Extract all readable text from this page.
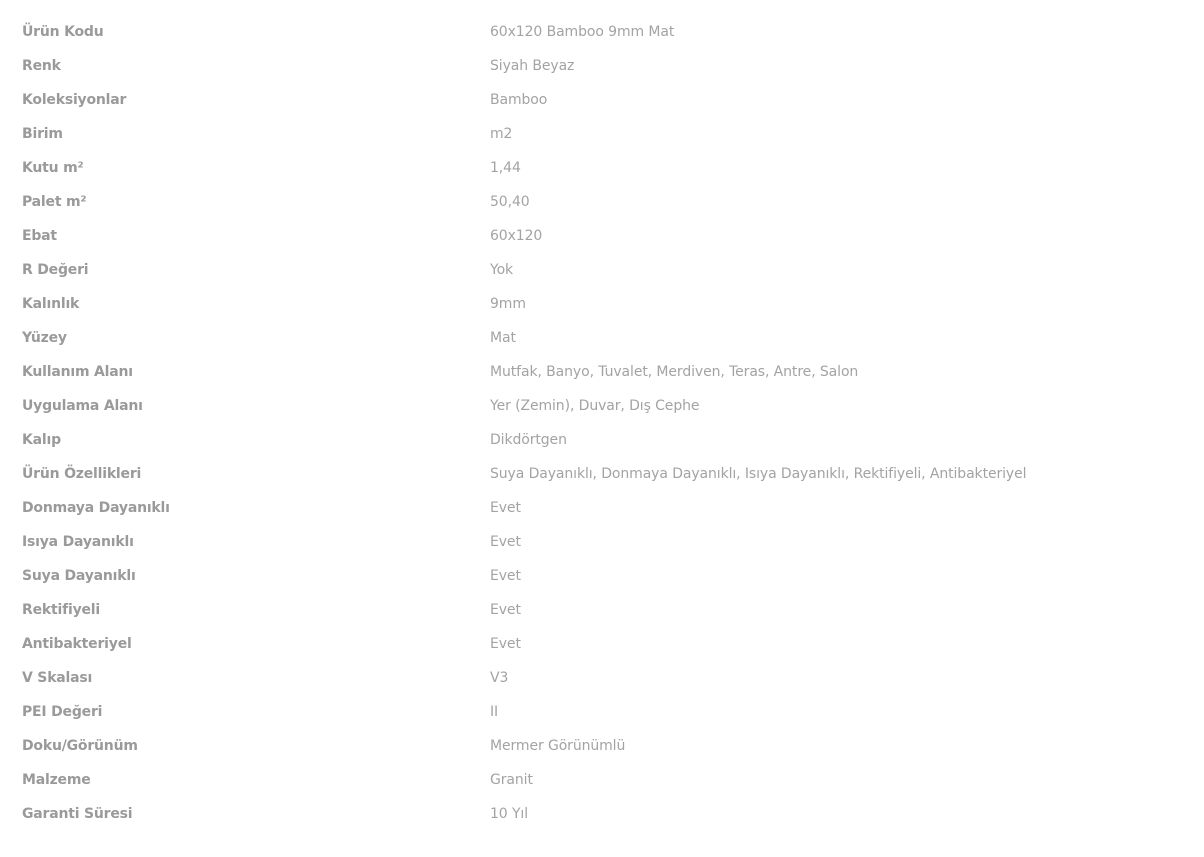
Ürün Kodu	60x120 Bamboo 9mm Mat
Renk	Siyah Beyaz
Koleksiyonlar	Bamboo
Birim	m2
Kutu m²	1,44
Palet m²	50,40
Ebat	60x120
R Değeri	Yok
Kalınlık	9mm
Yüzey	Mat
Kullanım Alanı	Mutfak, Banyo, Tuvalet, Merdiven, Teras, Antre, Salon
Uygulama Alanı	Yer (Zemin), Duvar, Dış Cephe
Kalıp	Dikdörtgen
Ürün Özellikleri	Suya Dayanıklı, Donmaya Dayanıklı, Isıya Dayanıklı, Rektifiyeli, Antibakteriyel
Donmaya Dayanıklı	Evet
Isıya Dayanıklı	Evet
Suya Dayanıklı	Evet
Rektifiyeli	Evet
Antibakteriyel	Evet
V Skalası	V3
PEI Değeri	II
Doku/Görünüm	Mermer Görünümlü
Malzeme	Granit
Garanti Süresi	10 Yıl
